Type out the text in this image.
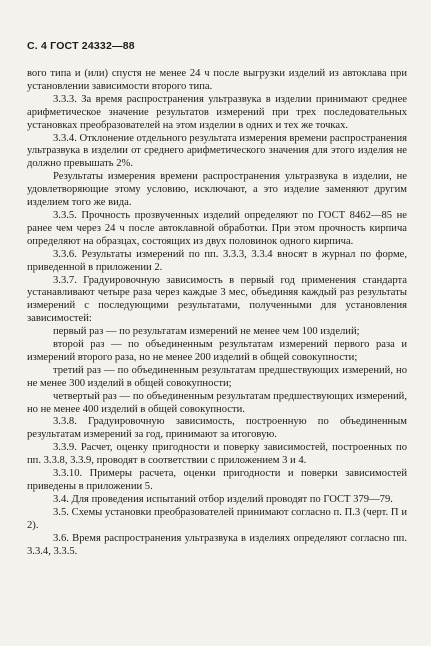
С. 4 ГОСТ 24332—88

вого типа и (или) спустя не менее 24 ч после выгрузки изделий из автоклава при установлении зависимости второго типа.

3.3.3. За время распространения ультразвука в изделии принимают среднее арифметическое значение результатов измерений при трех последовательных установках преобразователей на этом изделии в одних и тех же точках.

3.3.4. Отклонение отдельного результата измерения времени распространения ультразвука в изделии от среднего арифметического значения для этого изделия не должно превышать 2%.

Результаты измерения времени распространения ультразвука в изделии, не удовлетворяющие этому условию, исключают, а это изделие заменяют другим изделием того же вида.

3.3.5. Прочность прозвученных изделий определяют по ГОСТ 8462—85 не ранее чем через 24 ч после автоклавной обработки. При этом прочность кирпича определяют на образцах, состоящих из двух половинок одного кирпича.

3.3.6. Результаты измерений по пп. 3.3.3, 3.3.4 вносят в журнал по форме, приведенной в приложении 2.

3.3.7. Градуировочную зависимость в первый год применения стандарта устанавливают четыре раза через каждые 3 мес, объединяя каждый раз результаты измерений с последующими результатами, полученными для установления зависимостей:

первый раз — по результатам измерений не менее чем 100 изделий;

второй раз — по объединенным результатам измерений первого раза и измерений второго раза, но не менее 200 изделий в общей совокупности;

третий раз — по объединенным результатам предшествующих измерений, но не менее 300 изделий в общей совокупности;

четвертый раз — по объединенным результатам предшествующих измерений, но не менее 400 изделий в общей совокупности.

3.3.8. Градуировочную зависимость, построенную по объединенным результатам измерений за год, принимают за итоговую.

3.3.9. Расчет, оценку пригодности и поверку зависимостей, построенных по пп. 3.3.8, 3.3.9, проводят в соответствии с приложением 3 и 4.

3.3.10. Примеры расчета, оценки пригодности и поверки зависимостей приведены в приложении 5.

3.4. Для проведения испытаний отбор изделий проводят по ГОСТ 379—79.

3.5. Схемы установки преобразователей принимают согласно п. П.3 (черт. П и 2).

3.6. Время распространения ультразвука в изделиях определяют согласно пп. 3.3.4, 3.3.5.
